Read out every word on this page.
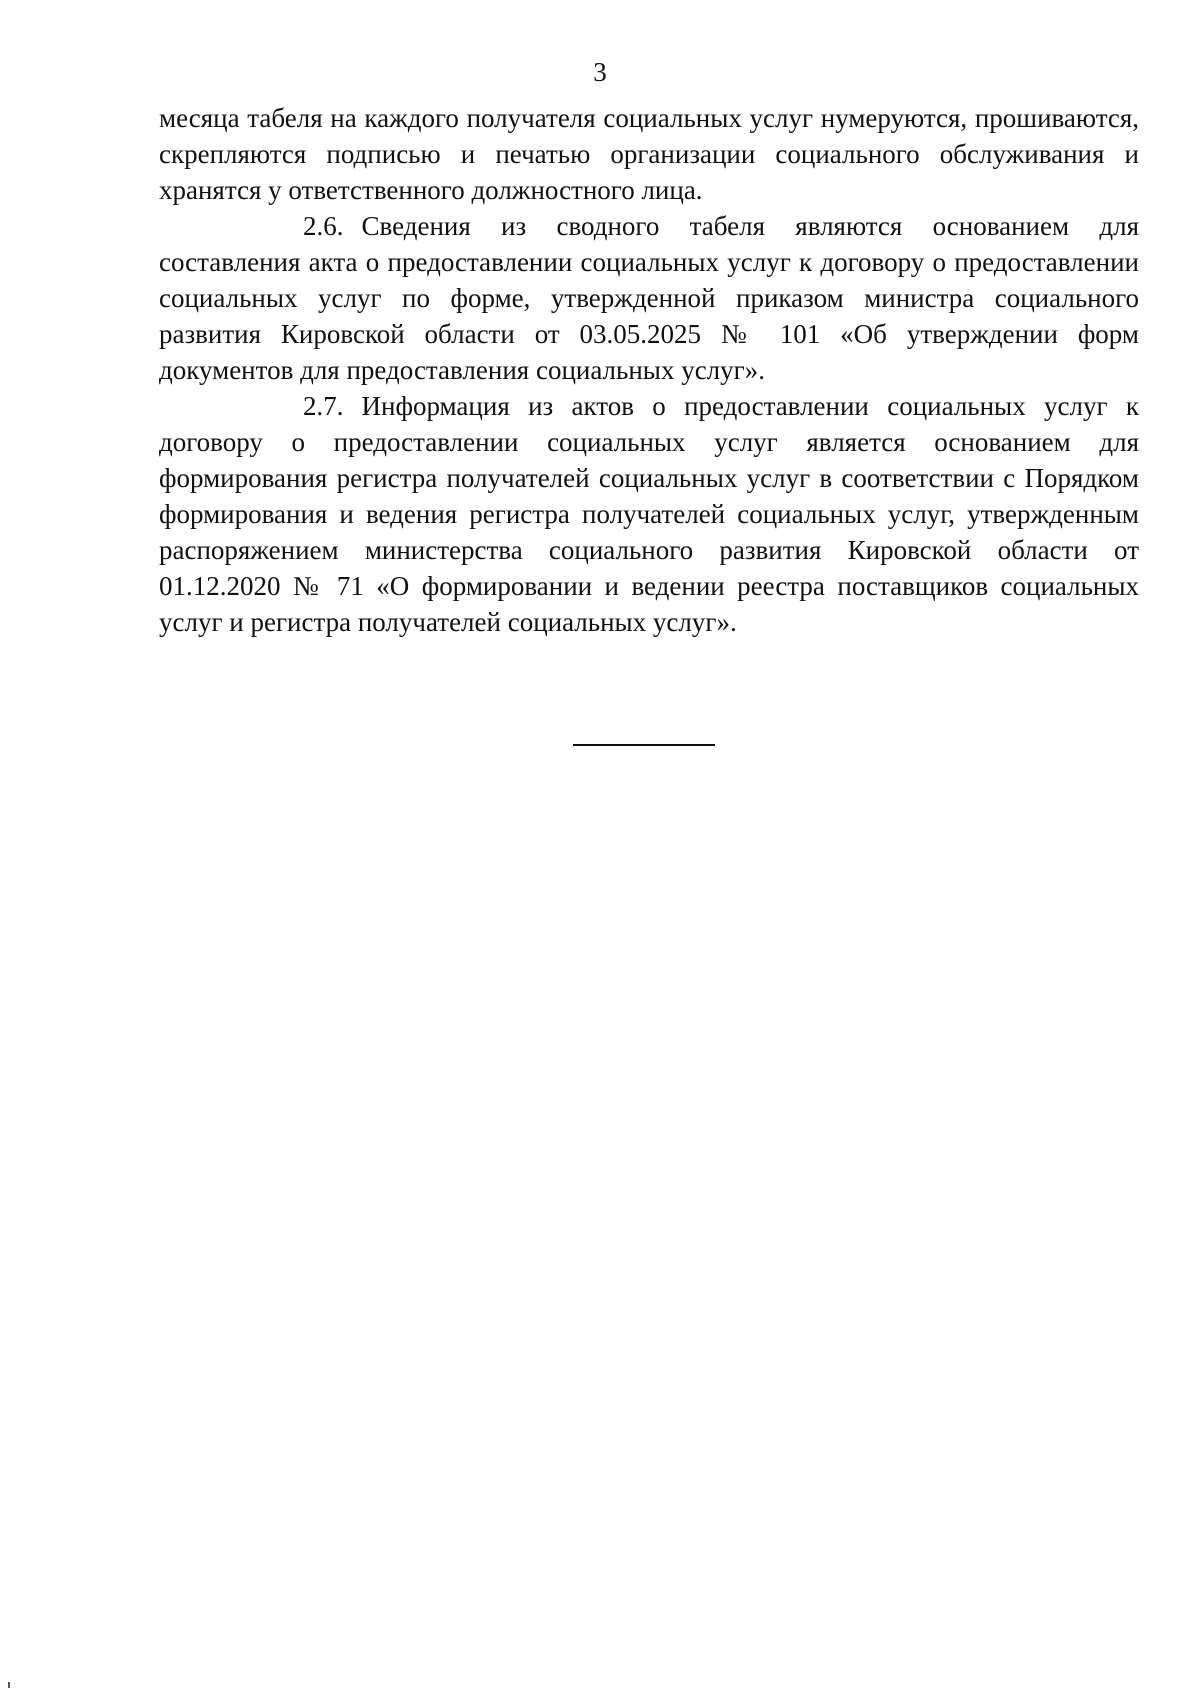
3

месяца табеля на каждого получателя социальных услуг нумеруются, прошиваются, скрепляются подписью и печатью организации социального обслуживания и хранятся у ответственного должностного лица.

2.6. Сведения из сводного табеля являются основанием для составления акта о предоставлении социальных услуг к договору о предоставлении социальных услуг по форме, утвержденной приказом министра социального развития Кировской области от 03.05.2025 № 101 «Об утверждении форм документов для предоставления социальных услуг».

2.7. Информация из актов о предоставлении социальных услуг к договору о предоставлении социальных услуг является основанием для формирования регистра получателей социальных услуг в соответствии с Порядком формирования и ведения регистра получателей социальных услуг, утвержденным распоряжением министерства социального развития Кировской области от 01.12.2020 № 71 «О формировании и ведении реестра поставщиков социальных услуг и регистра получателей социальных услуг».
